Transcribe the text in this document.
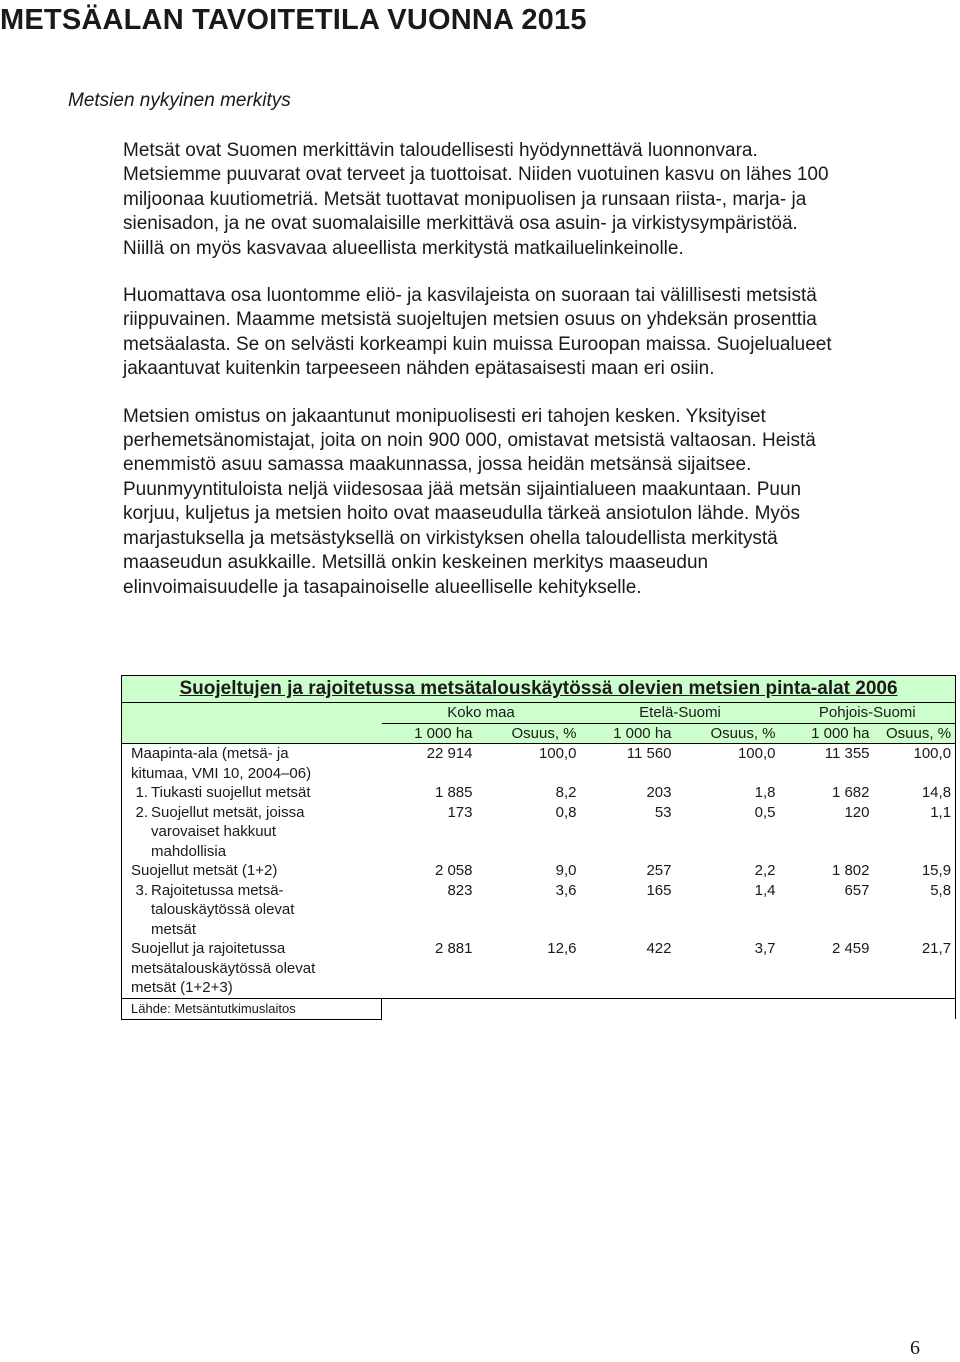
METSÄALAN TAVOITETILA VUONNA 2015
Metsien nykyinen merkitys

Metsät ovat Suomen merkittävin taloudellisesti hyödynnettävä luonnonvara.
Metsiemme puuvarat ovat terveet ja tuottoisat. Niiden vuotuinen kasvu on lähes 100
miljoonaa kuutiometriä. Metsät tuottavat monipuolisen ja runsaan riista-, marja- ja
sienisadon, ja ne ovat suomalaisille merkittävä osa asuin- ja virkistysympäristöä.
Niillä on myös kasvavaa alueellista merkitystä matkailuelinkeinolle.

Huomattava osa luontomme eliö- ja kasvilajeista on suoraan tai välillisesti metsistä
riippuvainen. Maamme metsistä suojeltujen metsien osuus on yhdeksän prosenttia
metsäalasta. Se on selvästi korkeampi kuin muissa Euroopan maissa. Suojelualueet
jakaantuvat kuitenkin tarpeeseen nähden epätasaisesti maan eri osiin.

Metsien omistus on jakaantunut monipuolisesti eri tahojen kesken. Yksityiset
perhemetsänomistajat, joita on noin 900 000, omistavat metsistä valtaosan. Heistä
enemmistö asuu samassa maakunnassa, jossa heidän metsänsä sijaitsee.
Puunmyyntituloista neljä viidesosaa jää metsän sijaintialueen maakuntaan. Puun
korjuu, kuljetus ja metsien hoito ovat maaseudulla tärkeä ansiotulon lähde. Myös
marjastuksella ja metsästyksellä on virkistyksen ohella taloudellista merkitystä
maaseudun asukkaille. Metsillä onkin keskeinen merkitys maaseudun
elinvoimaisuudelle ja tasapainoiselle alueelliselle kehitykselle.

Suojeltujen ja rajoitetussa metsätalouskäytössä olevien metsien pinta-alat 2006						
	Koko maa		Etelä-Suomi		Pohjois-Suomi	
	1 000 ha	Osuus, %	1 000 ha	Osuus, %	1 000 ha	Osuus, %
Maapinta-ala (metsä- ja
kitumaa, VMI 10, 2004–06)	22 914	100,0	11 560	100,0	11 355	100,0
1. Tiukasti suojellut metsät	1 885	8,2	203	1,8	1 682	14,8
2. Suojellut metsät, joissa
varovaiset hakkuut
mahdollisia	173	0,8	53	0,5	120	1,1
Suojellut metsät (1+2)	2 058	9,0	257	2,2	1 802	15,9
3. Rajoitetussa metsä-
talouskäytössä olevat
metsät	823	3,6	165	1,4	657	5,8
Suojellut ja rajoitetussa
metsätalouskäytössä olevat
metsät (1+2+3)	2 881	12,6	422	3,7	2 459	21,7
Lähde: Metsäntutkimuslaitos						
6
